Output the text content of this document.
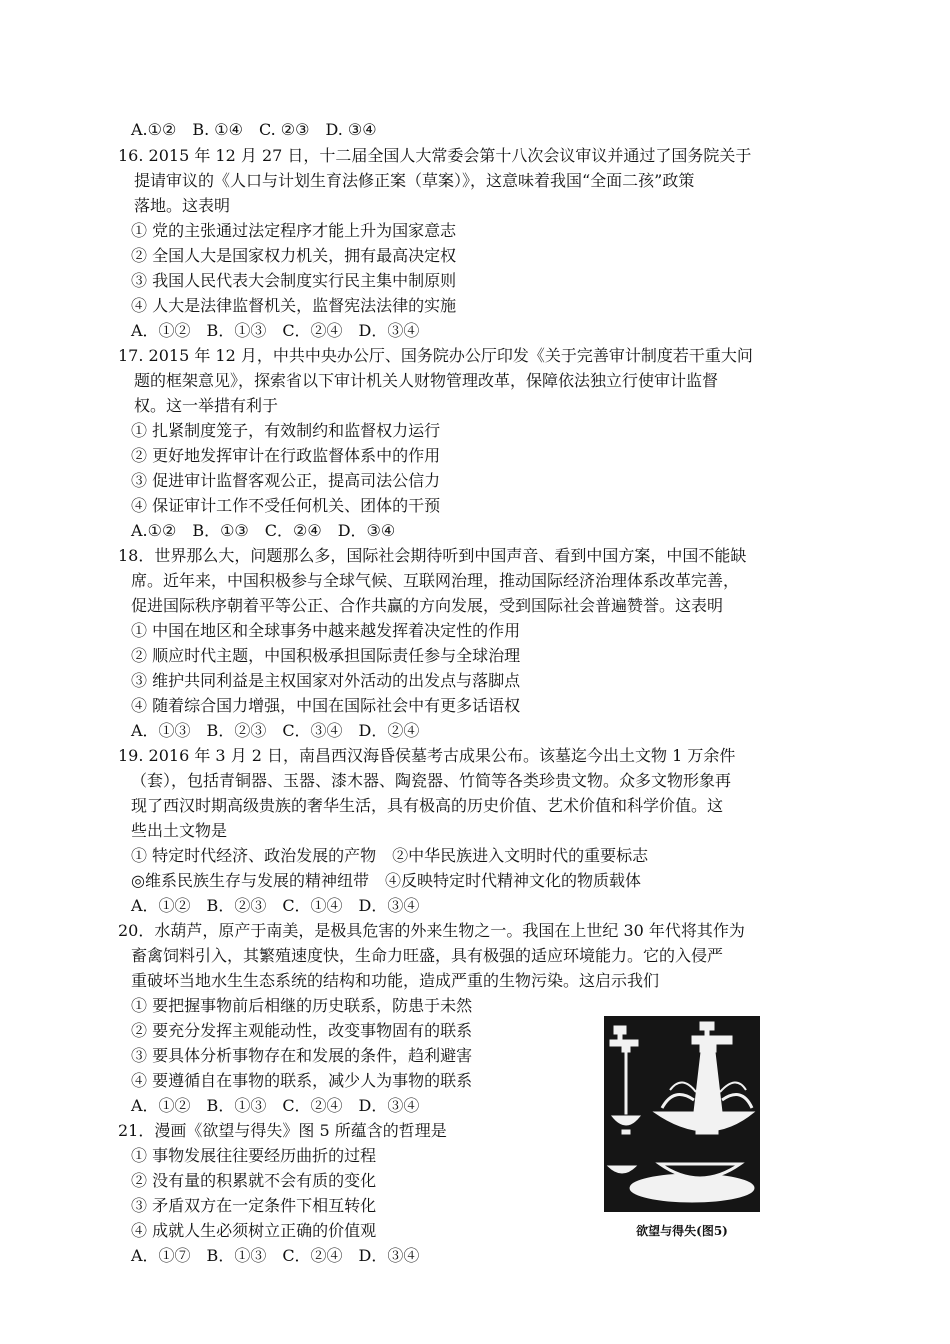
A.①②　B. ①④　C. ②③　D. ③④
16. 2015 年 12 月 27 日，十二届全国人大常委会第十八次会议审议并通过了国务院关于
提请审议的《人口与计划生育法修正案（草案）》，这意味着我国“全面二孩”政策
落地。这表明
① 党的主张通过法定程序才能上升为国家意志
② 全国人大是国家权力机关，拥有最高决定权
③ 我国人民代表大会制度实行民主集中制原则
④ 人大是法律监督机关，监督宪法法律的实施
A．①②　B．①③　C．②④　D．③④
17. 2015 年 12 月，中共中央办公厅、国务院办公厅印发《关于完善审计制度若干重大问
题的框架意见》，探索省以下审计机关人财物管理改革，保障依法独立行使审计监督
权。这一举措有利于
① 扎紧制度笼子，有效制约和监督权力运行
② 更好地发挥审计在行政监督体系中的作用
③ 促进审计监督客观公正，提高司法公信力
④ 保证审计工作不受任何机关、团体的干预
A.①②　B．①③　C．②④　D．③④
18．世界那么大，问题那么多，国际社会期待听到中国声音、看到中国方案，中国不能缺
席。近年来，中国积极参与全球气候、互联网治理，推动国际经济治理体系改革完善，
促进国际秩序朝着平等公正、合作共赢的方向发展，受到国际社会普遍赞誉。这表明
① 中国在地区和全球事务中越来越发挥着决定性的作用
② 顺应时代主题，中国积极承担国际责任参与全球治理
③ 维护共同利益是主权国家对外活动的出发点与落脚点
④ 随着综合国力增强，中国在国际社会中有更多话语权
A．①③　B．②③　C．③④　D．②④
19. 2016 年 3 月 2 日，南昌西汉海昏侯墓考古成果公布。该墓迄今出土文物 1 万余件
（套），包括青铜器、玉器、漆木器、陶瓷器、竹简等各类珍贵文物。众多文物形象再
现了西汉时期高级贵族的奢华生活，具有极高的历史价值、艺术价值和科学价值。这
些出土文物是
① 特定时代经济、政治发展的产物　②中华民族进入文明时代的重要标志
◎维系民族生存与发展的精神纽带　④反映特定时代精神文化的物质载体
A．①②　B．②③　C．①④　D．③④
20．水葫芦，原产于南美，是极具危害的外来生物之一。我国在上世纪 30 年代将其作为
畜禽饲料引入，其繁殖速度快，生命力旺盛，具有极强的适应环境能力。它的入侵严
重破坏当地水生生态系统的结构和功能，造成严重的生物污染。这启示我们
① 要把握事物前后相继的历史联系，防患于未然
② 要充分发挥主观能动性，改变事物固有的联系
③ 要具体分析事物存在和发展的条件，趋利避害
④ 要遵循自在事物的联系，减少人为事物的联系
A．①②　B．①③　C．②④　D．③④
21．漫画《欲望与得失》图 5 所蕴含的哲理是
① 事物发展往往要经历曲折的过程
② 没有量的积累就不会有质的变化
③ 矛盾双方在一定条件下相互转化
④ 成就人生必须树立正确的价值观
A．①⑦　B．①③　C．②④　D．③④
欲望与得失(图5)
